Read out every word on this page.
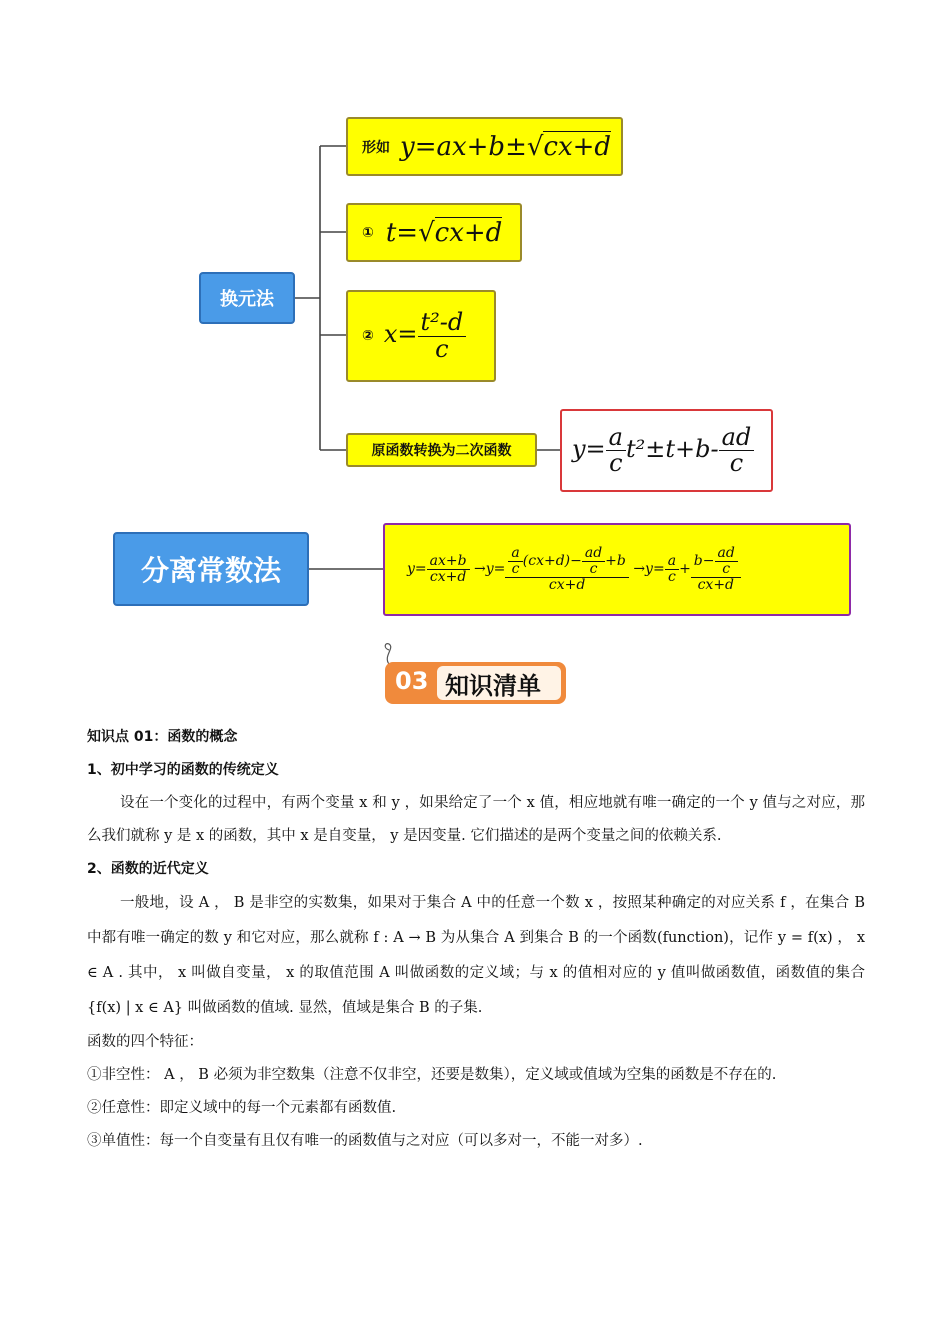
换元法
形如 y=ax+b±√cx+d
① t=√cx+d
② $x= \frac{\text{t²-d}}{c}$
原函数转换为二次函数	$y= \frac{a}{c} t^2\pm t+b- \frac{ad}{c}$
分离常数法	$y= \frac{ax+b}{cx+d} \to y= \frac{\frac{a}{c} (cx+d)- \frac{ad}{c} +b}{cx+d} \to y= \frac{a}{c} + \frac{b- \frac{ad}{c}}{cx+d}$
03 知识清单

知识点 01：函数的概念

1、初中学习的函数的传统定义

设在一个变化的过程中，有两个变量 x 和 y ，如果给定了一个 x 值，相应地就有唯一确定的一个 y 值与之对应，那么我们就称 y 是 x 的函数，其中 x 是自变量， y 是因变量. 它们描述的是两个变量之间的依赖关系.

2、函数的近代定义

一般地，设 A ， B 是非空的实数集，如果对于集合 A 中的任意一个数 x ，按照某种确定的对应关系 f ，在集合 B 中都有唯一确定的数 y 和它对应，那么就称 f : A → B 为从集合 A 到集合 B 的一个函数(function)，记作 y = f(x) ， x ∈ A . 其中， x 叫做自变量， x 的取值范围 A 叫做函数的定义域；与 x 的值相对应的 y 值叫做函数值，函数值的集合 {f(x) | x ∈ A} 叫做函数的值域. 显然，值域是集合 B 的子集.

函数的四个特征：

①非空性： A ， B 必须为非空数集（注意不仅非空，还要是数集），定义域或值域为空集的函数是不存在的.

②任意性：即定义域中的每一个元素都有函数值.

③单值性：每一个自变量有且仅有唯一的函数值与之对应（可以多对一，不能一对多）.
